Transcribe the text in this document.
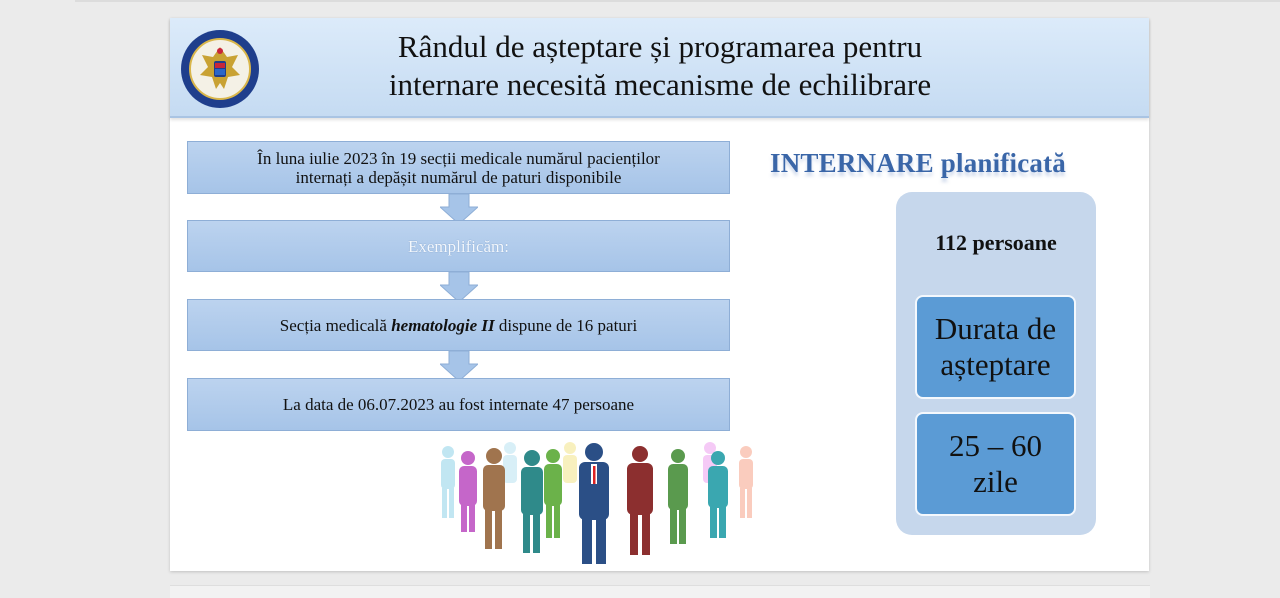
Rândul de așteptare și programarea pentru
internare necesită mecanisme de echilibrare
În luna iulie 2023 în 19 secții medicale numărul pacienților
internați a depășit numărul de paturi disponibile
Exemplificăm:
Secția medicală hematologie II dispune de 16 paturi
La data de 06.07.2023 au fost internate 47 persoane
INTERNARE planificată
112 persoane
Durata de
așteptare
25 – 60
zile
